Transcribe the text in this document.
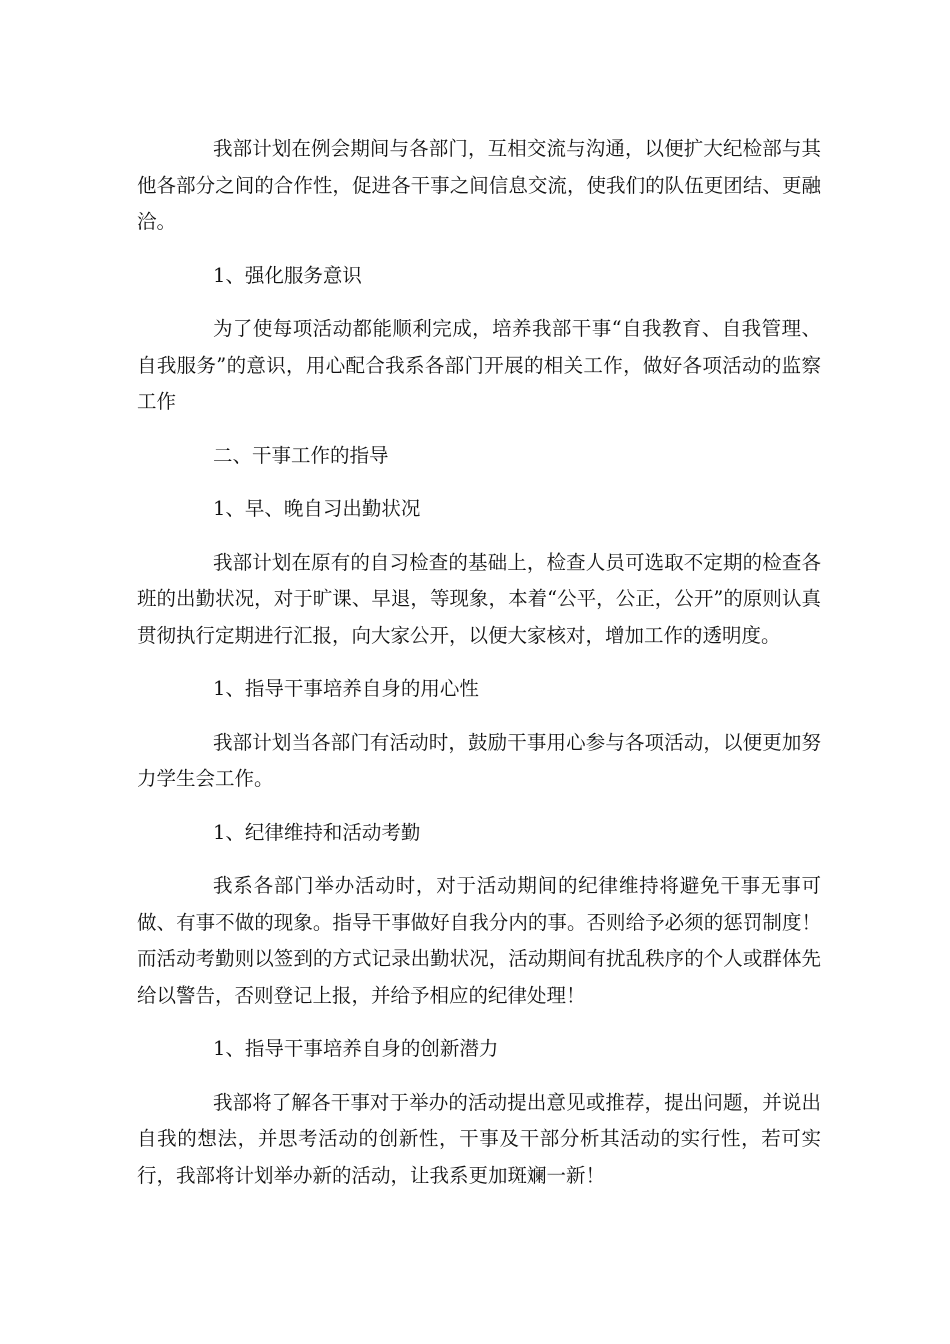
我部计划在例会期间与各部门，互相交流与沟通，以便扩大纪检部与其他各部分之间的合作性，促进各干事之间信息交流，使我们的队伍更团结、更融洽。

1、强化服务意识

为了使每项活动都能顺利完成，培养我部干事“自我教育、自我管理、自我服务”的意识，用心配合我系各部门开展的相关工作，做好各项活动的监察工作

二、干事工作的指导

1、早、晚自习出勤状况

我部计划在原有的自习检查的基础上，检查人员可选取不定期的检查各班的出勤状况，对于旷课、早退，等现象，本着“公平，公正，公开”的原则认真贯彻执行定期进行汇报，向大家公开，以便大家核对，增加工作的透明度。

1、指导干事培养自身的用心性

我部计划当各部门有活动时，鼓励干事用心参与各项活动，以便更加努力学生会工作。

1、纪律维持和活动考勤

我系各部门举办活动时，对于活动期间的纪律维持将避免干事无事可做、有事不做的现象。指导干事做好自我分内的事。否则给予必须的惩罚制度！而活动考勤则以签到的方式记录出勤状况，活动期间有扰乱秩序的个人或群体先给以警告，否则登记上报，并给予相应的纪律处理！

1、指导干事培养自身的创新潜力

我部将了解各干事对于举办的活动提出意见或推荐，提出问题，并说出自我的想法，并思考活动的创新性，干事及干部分析其活动的实行性，若可实行，我部将计划举办新的活动，让我系更加斑斓一新！
